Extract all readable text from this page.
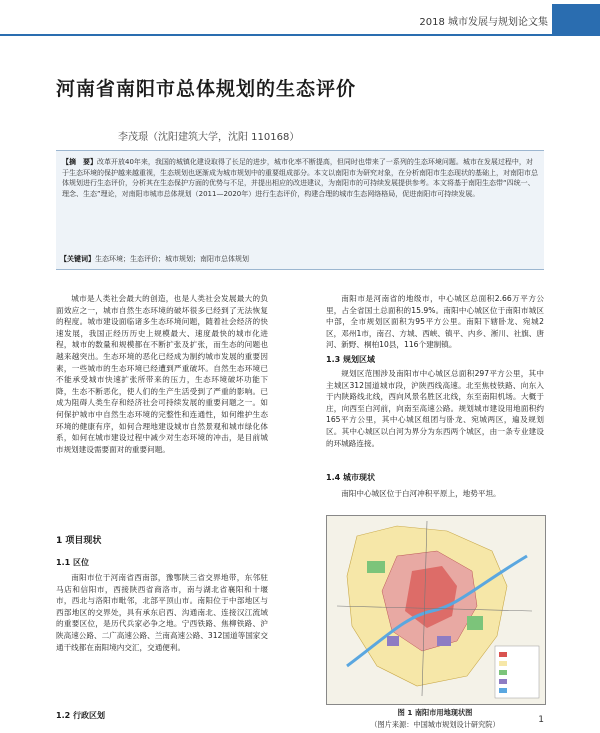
2018 城市发展与规划论文集
河南省南阳市总体规划的生态评价
李茂璟（沈阳建筑大学，沈阳 110168）

【摘　要】改革开放40年来，我国的城镇化建设取得了长足的进步，城市化率不断提高，但同时也带来了一系列的生态环境问题。城市在发展过程中，对于生态环境的保护越来越重视，生态规划也逐渐成为城市规划中的重要组成部分。本文以南阳市为研究对象，在分析南阳市生态现状的基础上，对南阳市总体规划进行生态评价，分析其在生态保护方面的优势与不足，并提出相应的改进建议，为南阳市的可持续发展提供参考。本文将基于南阳生态带“四统一、理念、生态”理论，对南阳市城市总体规划（2011—2020年）进行生态评价，构建合理的城市生态网络格局，促进南阳市可持续发展。

【关键词】生态环境；生态评价；城市规划；南阳市总体规划

城市是人类社会最大的创造，也是人类社会发展最大的负面效应之一，城市自然生态环境的破坏很多已经到了无法恢复的程度。城市建设面临诸多生态环境问题，随着社会经济的快速发展，我国正经历历史上规模最大、速度最快的城市化进程，城市的数量和规模都在不断扩张及扩张，而生态的问题也越来越突出。生态环境的恶化已经成为制约城市发展的重要因素，一些城市的生态环境已经遭到严重破坏。自然生态环境已不能承受城市快速扩张所带来的压力，生态环境破坏功能下降，生态不断恶化，使人们的生产生活受到了严重的影响。已成为阻碍人类生存和经济社会可持续发展的重要问题之一。如何保护城市中自然生态环境的完整性和连通性，如何维护生态环境的健康有序，如何合理地建设城市自然景观和城市绿化体系，如何在城市建设过程中减少对生态环境的冲击，是目前城市规划建设需要面对的重要问题。

1 项目现状
1.1 区位

南阳市位于河南省西南部，豫鄂陕三省交界地带，东邻驻马店和信阳市，西接陕西省商洛市，南与湖北省襄阳和十堰市，西北与洛阳市毗邻，北部平顶山市。南阳位于中部地区与西部地区的交界处，具有承东启西、沟通南北、连接汉江流域的重要区位，是历代兵家必争之地。宁西铁路、焦柳铁路、沪陕高速公路、二广高速公路、兰南高速公路、312国道等国家交通干线都在南阳境内交汇，交通便利。

1.2 行政区划

南阳市是河南省的地级市，中心城区总面积2.66万平方公里，占全省国土总面积的15.9%。南阳中心城区位于南阳市城区中部，全市规划区面积为95平方公里。南阳下辖卧龙、宛城2区，邓州1市，南召、方城、西峡、镇平、内乡、淅川、社旗、唐河、新野、桐柏10县，116个建制镇。

1.3 规划区域

规划区范围涉及南阳市中心城区总面积297平方公里，其中主城区312国道城市段，沪陕西线高速。北至焦枝铁路、向东入于内陕路线北线，西向风景名胜区北线，东至南阳机场。大概于庄，向西至白河前，向南至高速公路。规划城市建设用地面积约165平方公里，其中心城区组团与卧龙、宛城两区，遍及规划区。其中心城区以白河为界分为东西两个城区，由一条专业建设的环城路连接。

1.4 城市现状

南阳中心城区位于白河冲积平原上，地势平坦。

图 1 南阳市用地现状图
（图片来源：中国城市规划设计研究院）	1
